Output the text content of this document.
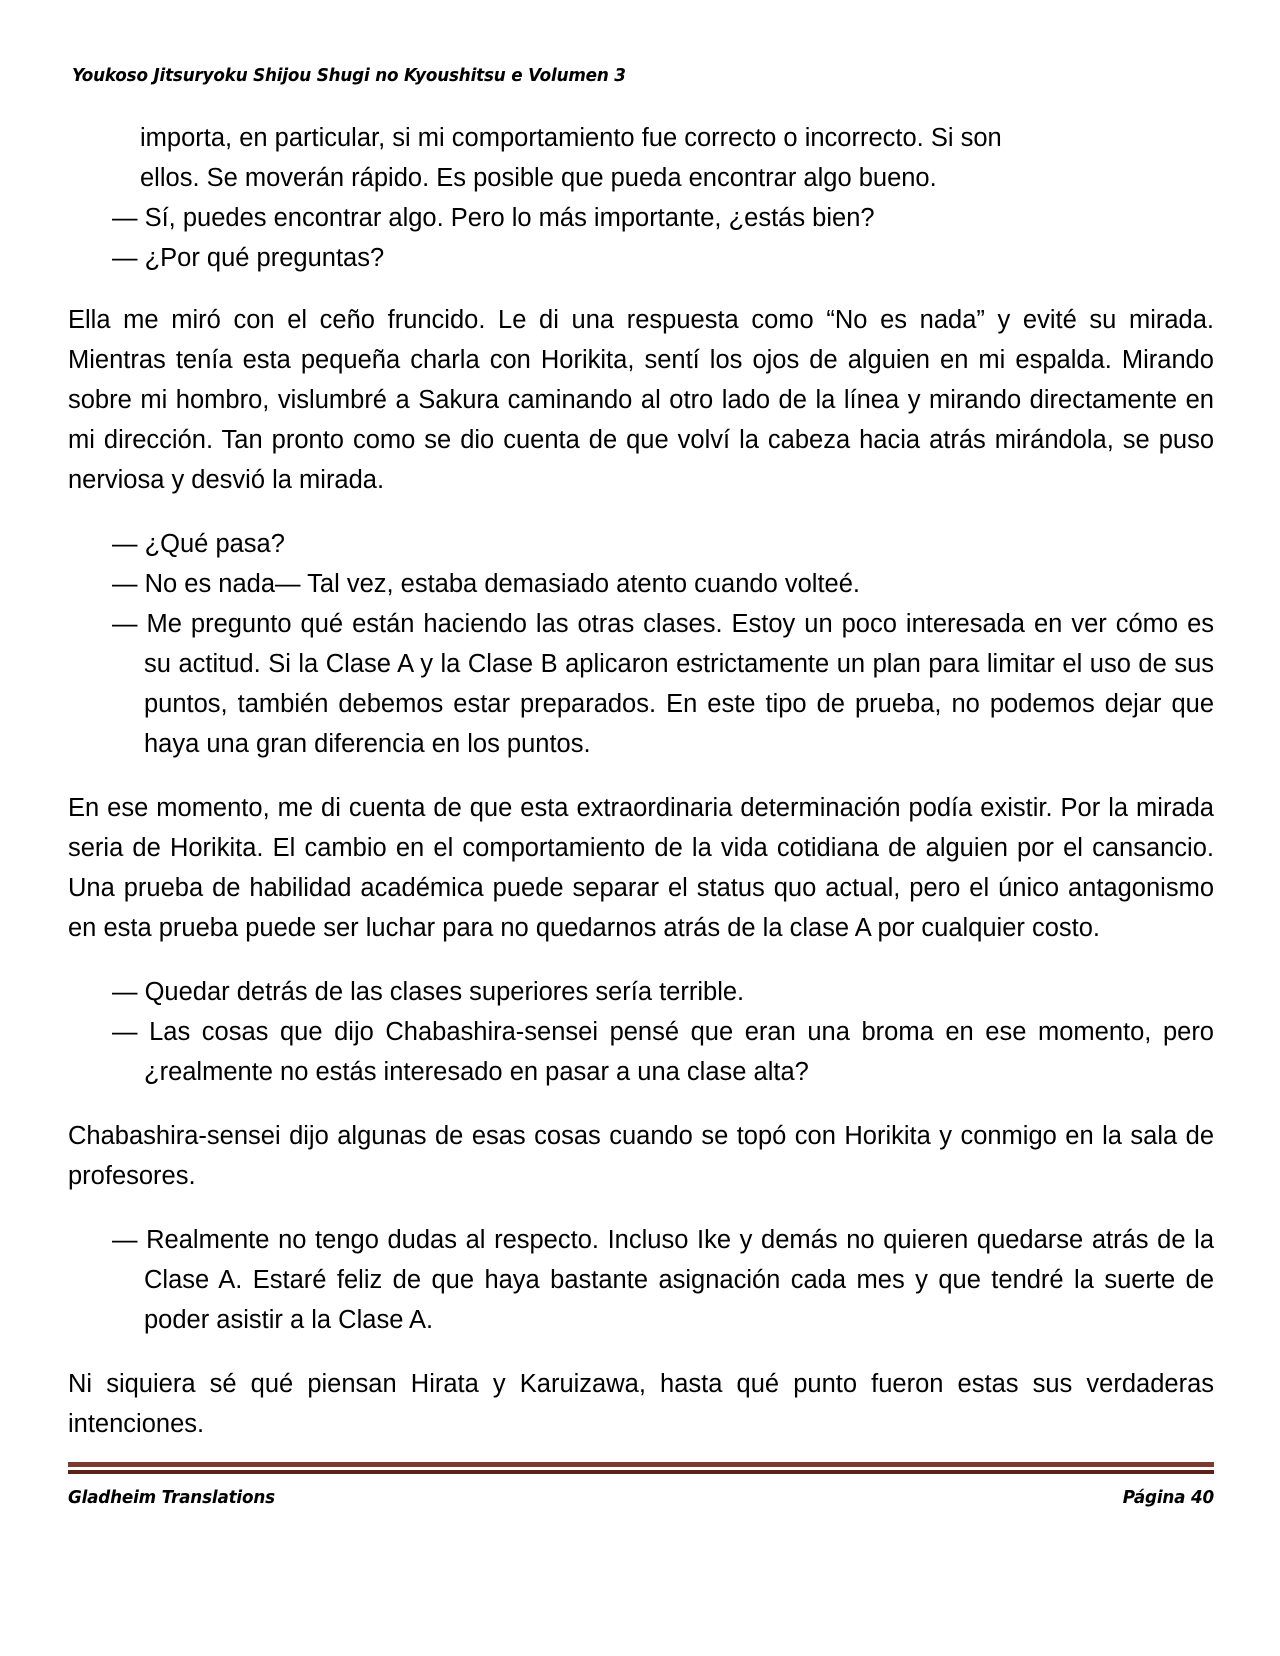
Youkoso Jitsuryoku Shijou Shugi no Kyoushitsu e Volumen 3

importa, en particular, si mi comportamiento fue correcto o incorrecto. Si son

ellos. Se moverán rápido. Es posible que pueda encontrar algo bueno.

— Sí, puedes encontrar algo. Pero lo más importante, ¿estás bien?

— ¿Por qué preguntas?

Ella me miró con el ceño fruncido. Le di una respuesta como “No es nada” y evité su mirada. Mientras tenía esta pequeña charla con Horikita, sentí los ojos de alguien en mi espalda. Mirando sobre mi hombro, vislumbré a Sakura caminando al otro lado de la línea y mirando directamente en mi dirección. Tan pronto como se dio cuenta de que volví la cabeza hacia atrás mirándola, se puso nerviosa y desvió la mirada.

— ¿Qué pasa?

— No es nada— Tal vez, estaba demasiado atento cuando volteé.

— Me pregunto qué están haciendo las otras clases. Estoy un poco interesada en ver cómo es su actitud. Si la Clase A y la Clase B aplicaron estrictamente un plan para limitar el uso de sus puntos, también debemos estar preparados. En este tipo de prueba, no podemos dejar que haya una gran diferencia en los puntos.

En ese momento, me di cuenta de que esta extraordinaria determinación podía existir. Por la mirada seria de Horikita. El cambio en el comportamiento de la vida cotidiana de alguien por el cansancio. Una prueba de habilidad académica puede separar el status quo actual, pero el único antagonismo en esta prueba puede ser luchar para no quedarnos atrás de la clase A por cualquier costo.

— Quedar detrás de las clases superiores sería terrible.

— Las cosas que dijo Chabashira-sensei pensé que eran una broma en ese momento, pero ¿realmente no estás interesado en pasar a una clase alta?

Chabashira-sensei dijo algunas de esas cosas cuando se topó con Horikita y conmigo en la sala de profesores.

— Realmente no tengo dudas al respecto. Incluso Ike y demás no quieren quedarse atrás de la Clase A. Estaré feliz de que haya bastante asignación cada mes y que tendré la suerte de poder asistir a la Clase A.

Ni siquiera sé qué piensan Hirata y Karuizawa, hasta qué punto fueron estas sus verdaderas intenciones.

Gladheim Translations	Página 40
